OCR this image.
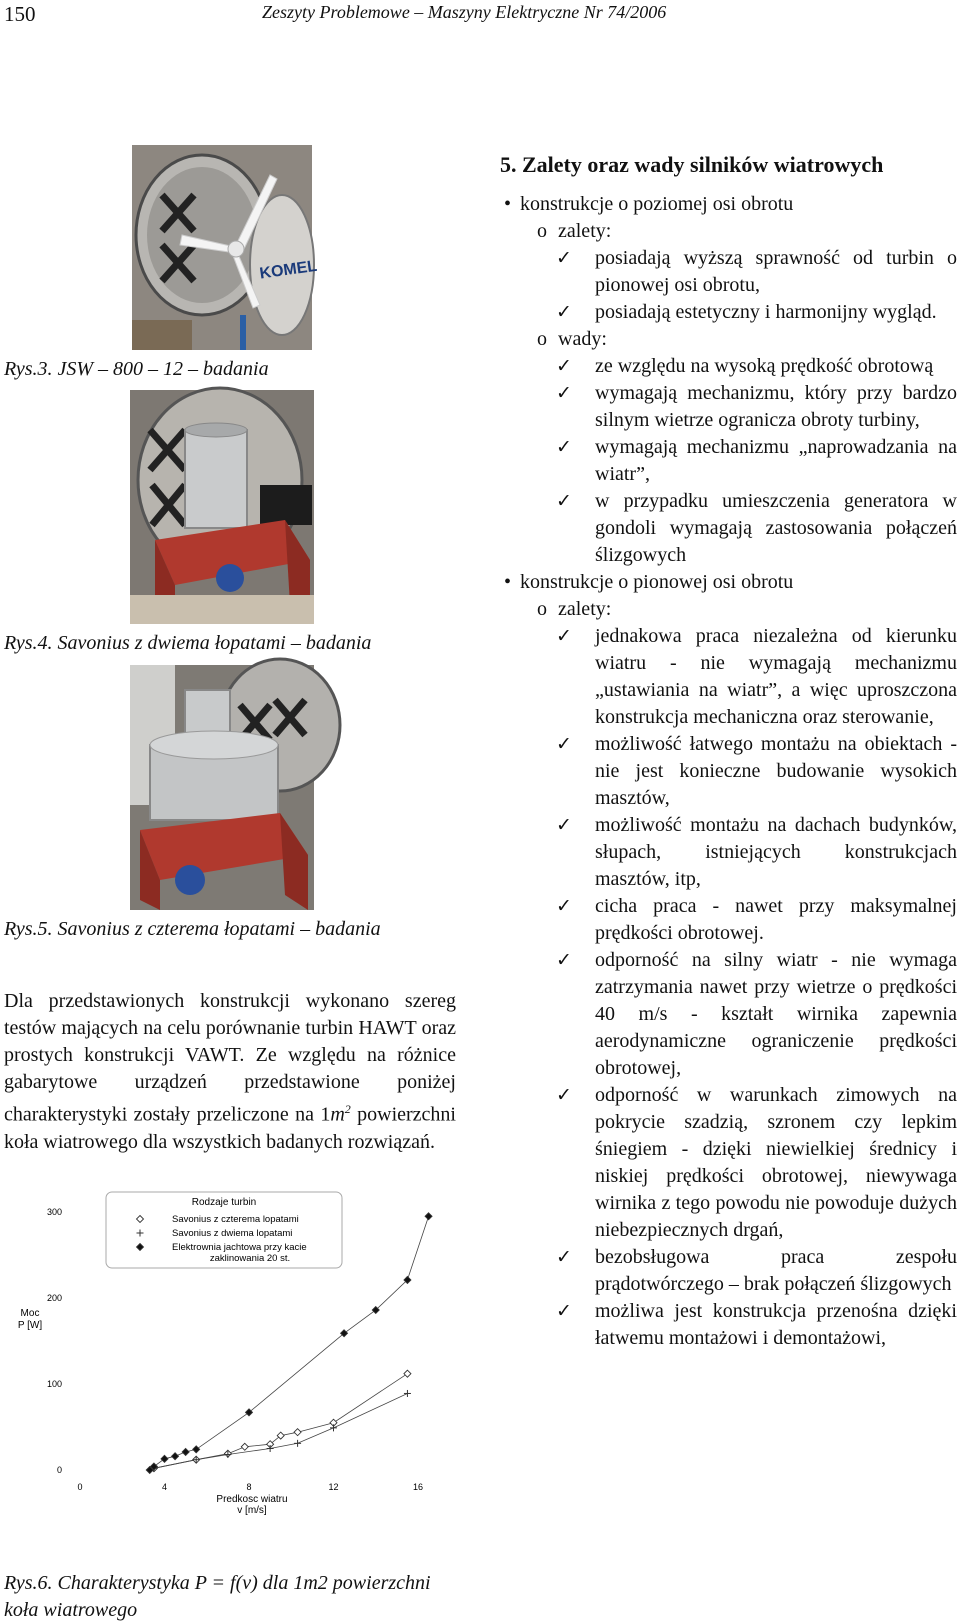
150	Zeszyty Problemowe – Maszyny Elektryczne Nr 74/2006
KOMEL
Rys.3. JSW – 800 – 12 – badania
Rys.4. Savonius z dwiema łopatami – badania
Rys.5. Savonius z czterema łopatami – badania
Dla przedstawionych konstrukcji wykonano szereg testów mających na celu porównanie turbin HAWT oraz prostych konstrukcji VAWT. Ze względu na różnice gabarytowe urządzeń przedstawione poniżej charakterystyki zostały przeliczone na $1m^2$ powierzchni koła wiatrowego dla wszystkich badanych rozwiązań.
0
100
200
300
0	4	8	12	16
Rodzaje turbin
Savonius z czterema lopatami
Savonius z dwiema lopatami
Elektrownia jachtowa przy kacie
zaklinowania 20 st.
Moc
P [W]
Predkosc wiatru
v [m/s]
Rys.6. Charakterystyka P = f(v) dla 1m2 powierzchni koła wiatrowego
5. Zalety oraz wady silników wiatrowych
• konstrukcje o poziomej osi obrotu
o zalety:
✓ posiadają wyższą sprawność od turbin o pionowej osi obrotu,
✓ posiadają estetyczny i harmonijny wygląd.
o wady:
✓ ze względu na wysoką prędkość obrotową
✓ wymagają mechanizmu, który przy bardzo silnym wietrze ogranicza obroty turbiny,
✓ wymagają mechanizmu „naprowadzania na wiatr”,
✓ w przypadku umieszczenia generatora w gondoli wymagają zastosowania połączeń ślizgowych
• konstrukcje o pionowej osi obrotu
o zalety:
✓ jednakowa praca niezależna od kierunku wiatru - nie wymagają mechanizmu „ustawiania na wiatr”, a więc uproszczona konstrukcja mechaniczna oraz sterowanie,
✓ możliwość łatwego montażu na obiektach - nie jest konieczne budowanie wysokich masztów,
✓ możliwość montażu na dachach budynków, słupach, istniejących konstrukcjach masztów, itp,
✓ cicha praca - nawet przy maksymalnej prędkości obrotowej.
✓ odporność na silny wiatr - nie wymaga zatrzymania nawet przy wietrze o prędkości 40 m/s - kształt wirnika zapewnia aerodynamiczne ograniczenie prędkości obrotowej,
✓ odporność w warunkach zimowych na pokrycie szadzią, szronem czy lepkim śniegiem - dzięki niewielkiej średnicy i niskiej prędkości obrotowej, niewywaga wirnika z tego powodu nie powoduje dużych niebezpiecznych drgań,
✓ bezobsługowa praca zespołu prądotwórczego – brak połączeń ślizgowych
✓ możliwa jest konstrukcja przenośna dzięki łatwemu montażowi i demontażowi,
